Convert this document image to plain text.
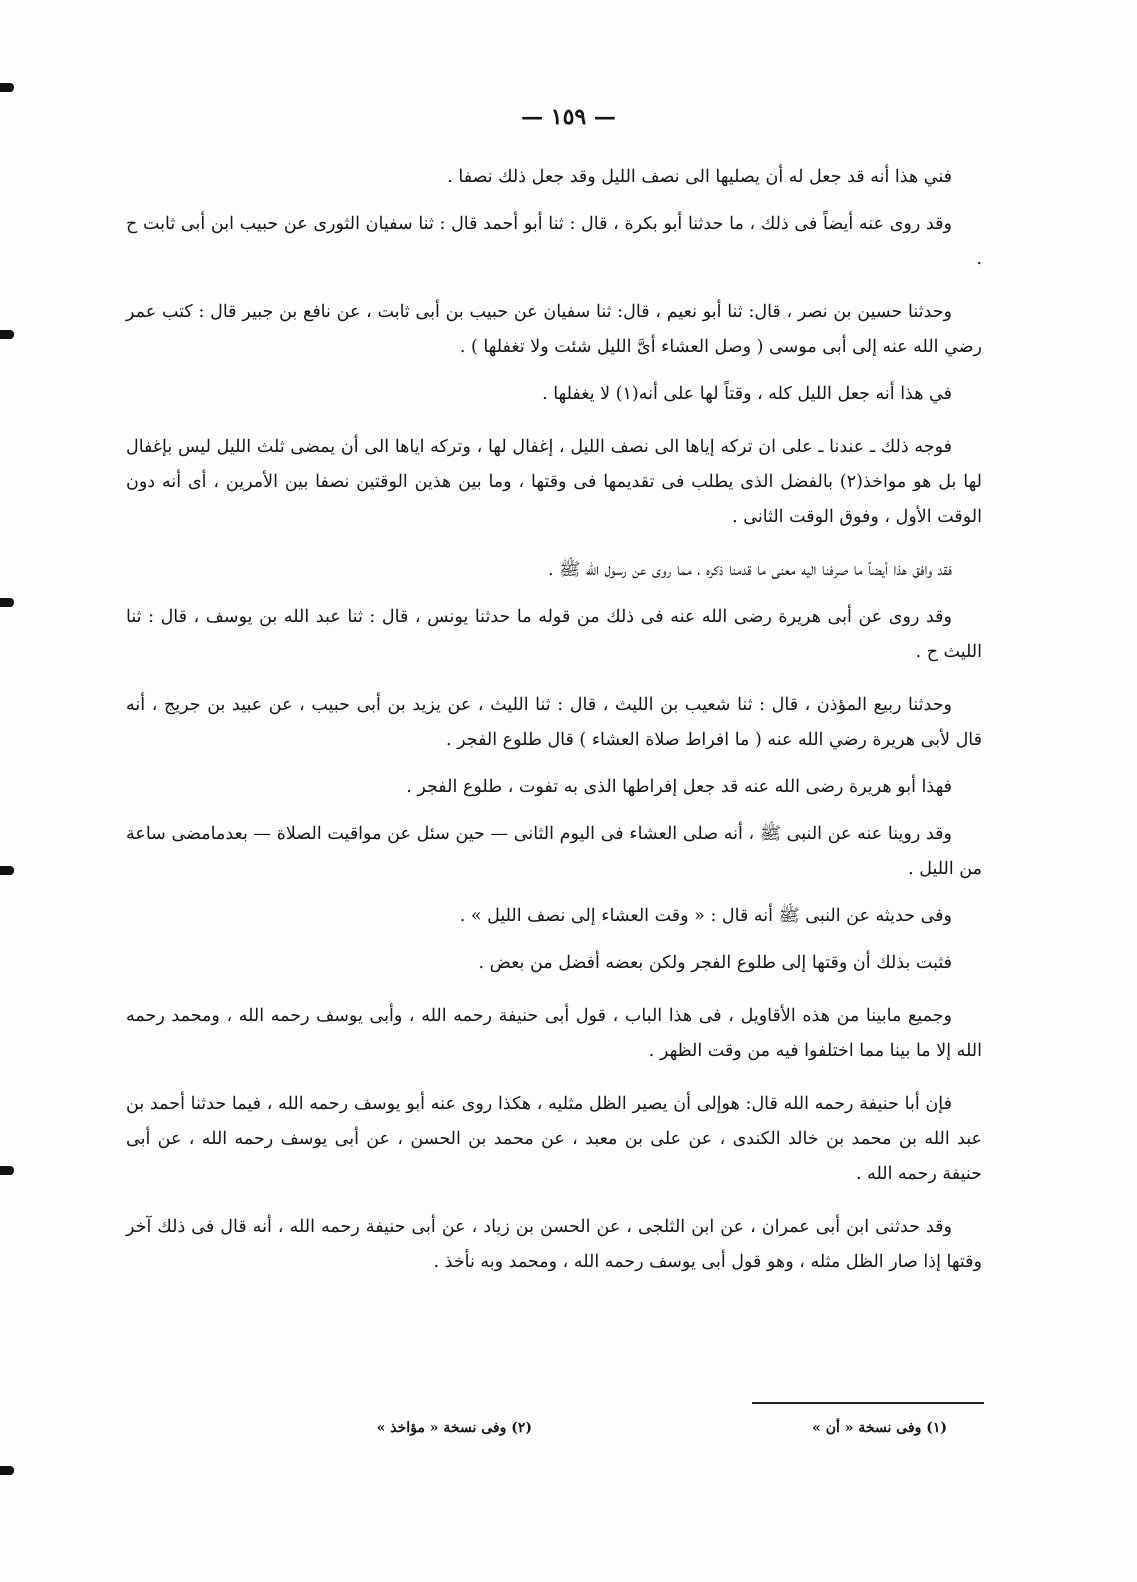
— ١٥٩ —

فني هذا أنه قد جعل له أن يصليها الى نصف الليل وقد جعل ذلك نصفا .

وقد روى عنه أيضاً فى ذلك ، ما حدثنا أبو بكرة ، قال : ثنا أبو أحمد قال : ثنا سفيان الثورى عن حبيب ابن أبى ثابت ح .

وحدثنا حسين بن نصر ، قال: ثنا أبو نعيم ، قال: ثنا سفيان عن حبيب بن أبى ثابت ، عن نافع بن جبير قال : كتب عمر رضي الله عنه إلى أبى موسى ( وصل العشاء أىَّ الليل شئت ولا تغفلها ) .

في هذا أنه جعل الليل كله ، وقتاً لها على أنه(١) لا يغفلها .

فوجه ذلك ـ عندنا ـ على ان تركه إياها الى نصف الليل ، إغفال لها ، وتركه اياها الى أن يمضى ثلث الليل ليس بإغفال لها بل هو مواخذ(٢) بالفضل الذى يطلب فى تقديمها فى وقتها ، وما بين هذين الوقتين نصفا بين الأمرين ، أى أنه دون الوقت الأول ، وفوق الوقت الثانى .

فقد وافق هذا أيضاً ما صرفنا اليه معنى ما قدمنا ذكره ، مما روى عن رسول الله ﷺ .

وقد روى عن أبى هريرة رضى الله عنه فى ذلك من قوله ما حدثنا يونس ، قال : ثنا عبد الله بن يوسف ، قال : ثنا الليث ح .

وحدثنا ربيع المؤذن ، قال : ثنا شعيب بن الليث ، قال : ثنا الليث ، عن يزيد بن أبى حبيب ، عن عبيد بن جريج ، أنه قال لأبى هريرة رضي الله عنه ( ما افراط صلاة العشاء ) قال طلوع الفجر .

فهذا أبو هريرة رضى الله عنه قد جعل إفراطها الذى به تفوت ، طلوع الفجر .

وقد روينا عنه عن النبى ﷺ ، أنه صلى العشاء فى اليوم الثانى — حين سئل عن مواقيت الصلاة — بعدمامضى ساعة من الليل .

وفى حديثه عن النبى ﷺ أنه قال : « وقت العشاء إلى نصف الليل » .

فثبت بذلك أن وقتها إلى طلوع الفجر ولكن بعضه أفضل من بعض .

وجميع مابينا من هذه الأقاويل ، فى هذا الباب ، قول أبى حنيفة رحمه الله ، وأبى يوسف رحمه الله ، ومحمد رحمه الله إلا ما بينا مما اختلفوا فيه من وقت الظهر .

فإن أبا حنيفة رحمه الله قال: هوإلى أن يصير الظل مثليه ، هكذا روى عنه أبو يوسف رحمه الله ، فيما حدثنا أحمد بن عبد الله بن محمد بن خالد الكندى ، عن على بن معبد ، عن محمد بن الحسن ، عن أبى يوسف رحمه الله ، عن أبى حنيفة رحمه الله .

وقد حدثنى ابن أبى عمران ، عن ابن الثلجى ، عن الحسن بن زياد ، عن أبى حنيفة رحمه الله ، أنه قال فى ذلك آخر وقتها إذا صار الظل مثله ، وهو قول أبى يوسف رحمه الله ، ومحمد وبه نأخذ .

(١) وفى نسخة « أن »
(٢) وفى نسخة « مؤاخذ »
